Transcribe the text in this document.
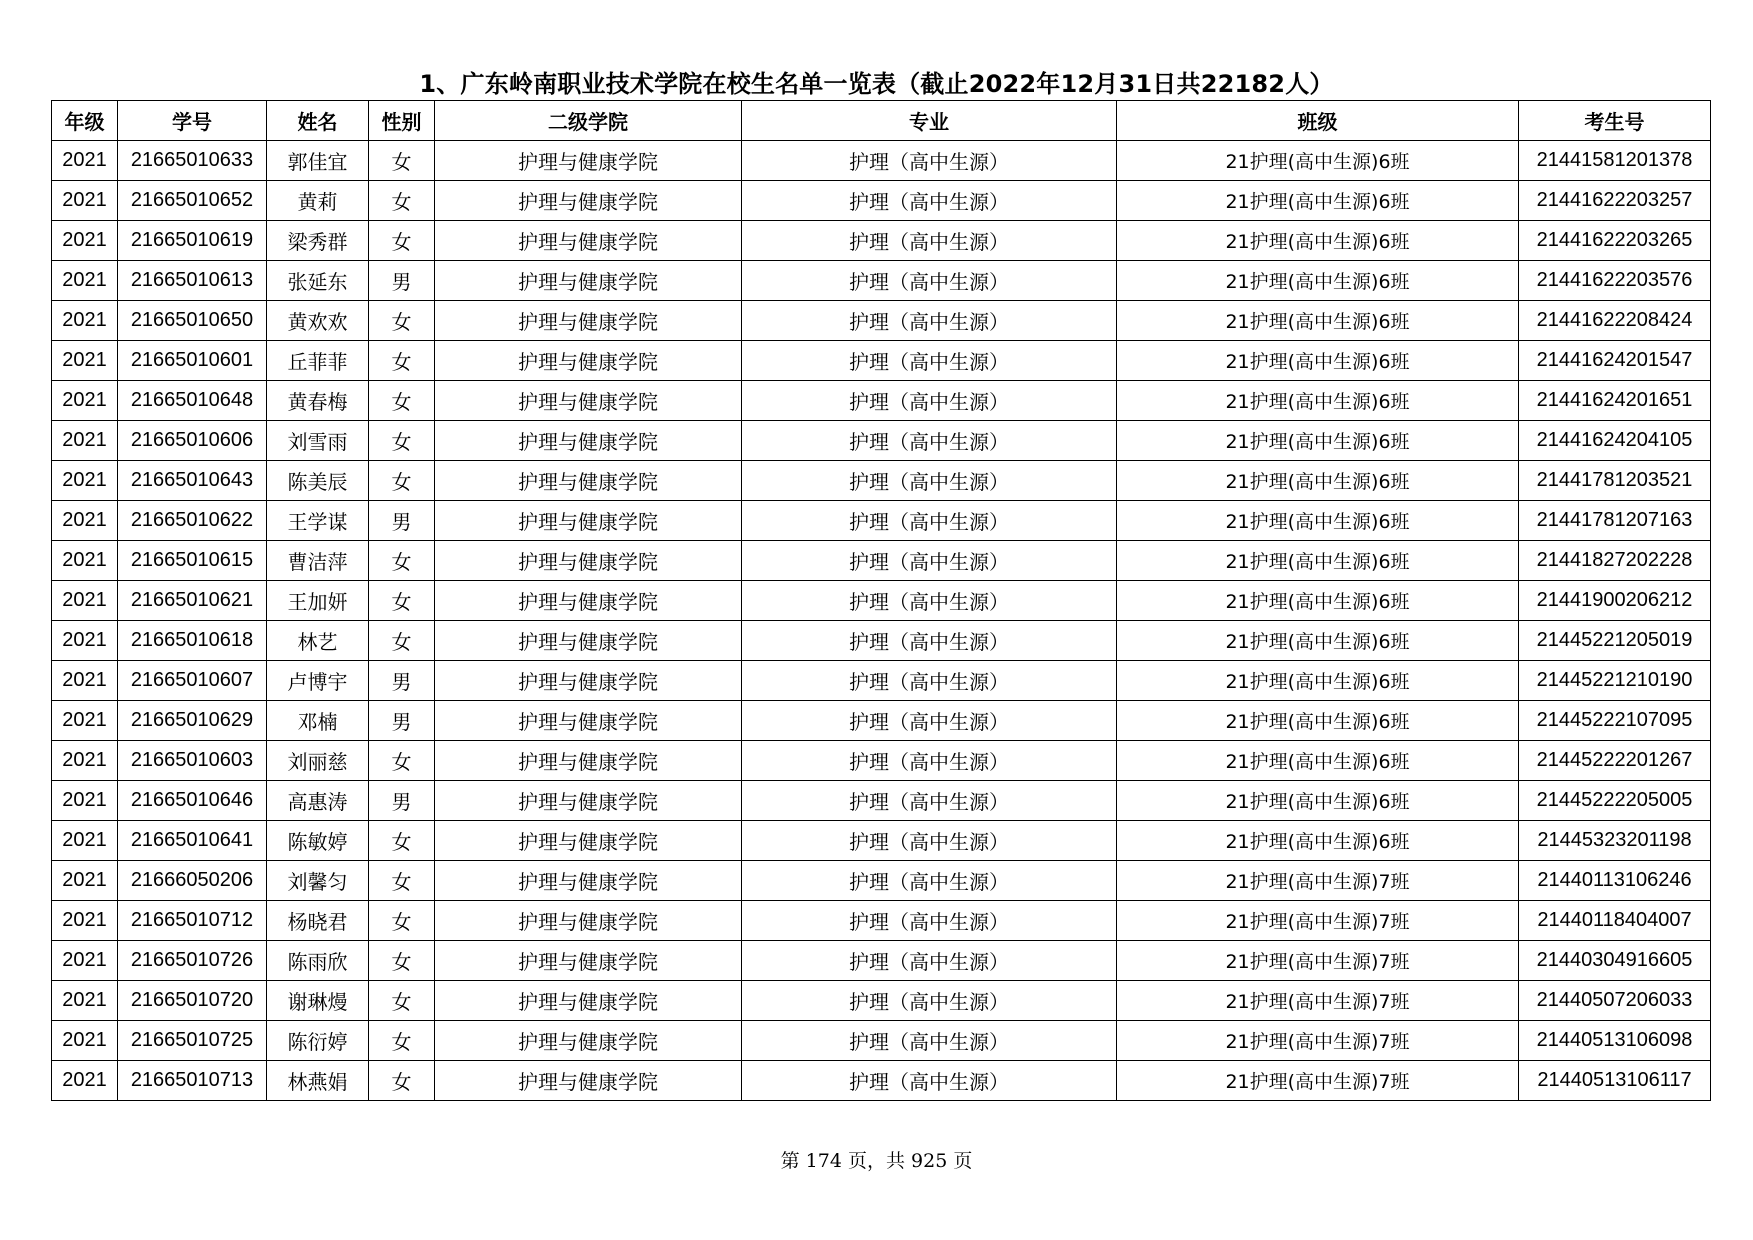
1、广东岭南职业技术学院在校生名单一览表（截止2022年12月31日共22182人）
年级	学号	姓名	性别	二级学院	专业	班级	考生号
2021	21665010633	郭佳宜	女	护理与健康学院	护理（高中生源）	21护理(高中生源)6班	21441581201378
2021	21665010652	黄莉	女	护理与健康学院	护理（高中生源）	21护理(高中生源)6班	21441622203257
2021	21665010619	梁秀群	女	护理与健康学院	护理（高中生源）	21护理(高中生源)6班	21441622203265
2021	21665010613	张延东	男	护理与健康学院	护理（高中生源）	21护理(高中生源)6班	21441622203576
2021	21665010650	黄欢欢	女	护理与健康学院	护理（高中生源）	21护理(高中生源)6班	21441622208424
2021	21665010601	丘菲菲	女	护理与健康学院	护理（高中生源）	21护理(高中生源)6班	21441624201547
2021	21665010648	黄春梅	女	护理与健康学院	护理（高中生源）	21护理(高中生源)6班	21441624201651
2021	21665010606	刘雪雨	女	护理与健康学院	护理（高中生源）	21护理(高中生源)6班	21441624204105
2021	21665010643	陈美辰	女	护理与健康学院	护理（高中生源）	21护理(高中生源)6班	21441781203521
2021	21665010622	王学谋	男	护理与健康学院	护理（高中生源）	21护理(高中生源)6班	21441781207163
2021	21665010615	曹洁萍	女	护理与健康学院	护理（高中生源）	21护理(高中生源)6班	21441827202228
2021	21665010621	王加妍	女	护理与健康学院	护理（高中生源）	21护理(高中生源)6班	21441900206212
2021	21665010618	林艺	女	护理与健康学院	护理（高中生源）	21护理(高中生源)6班	21445221205019
2021	21665010607	卢博宇	男	护理与健康学院	护理（高中生源）	21护理(高中生源)6班	21445221210190
2021	21665010629	邓楠	男	护理与健康学院	护理（高中生源）	21护理(高中生源)6班	21445222107095
2021	21665010603	刘丽慈	女	护理与健康学院	护理（高中生源）	21护理(高中生源)6班	21445222201267
2021	21665010646	高惠涛	男	护理与健康学院	护理（高中生源）	21护理(高中生源)6班	21445222205005
2021	21665010641	陈敏婷	女	护理与健康学院	护理（高中生源）	21护理(高中生源)6班	21445323201198
2021	21666050206	刘馨匀	女	护理与健康学院	护理（高中生源）	21护理(高中生源)7班	21440113106246
2021	21665010712	杨晓君	女	护理与健康学院	护理（高中生源）	21护理(高中生源)7班	21440118404007
2021	21665010726	陈雨欣	女	护理与健康学院	护理（高中生源）	21护理(高中生源)7班	21440304916605
2021	21665010720	谢琳熳	女	护理与健康学院	护理（高中生源）	21护理(高中生源)7班	21440507206033
2021	21665010725	陈衍婷	女	护理与健康学院	护理（高中生源）	21护理(高中生源)7班	21440513106098
2021	21665010713	林燕娟	女	护理与健康学院	护理（高中生源）	21护理(高中生源)7班	21440513106117
第 174 页，共 925 页
